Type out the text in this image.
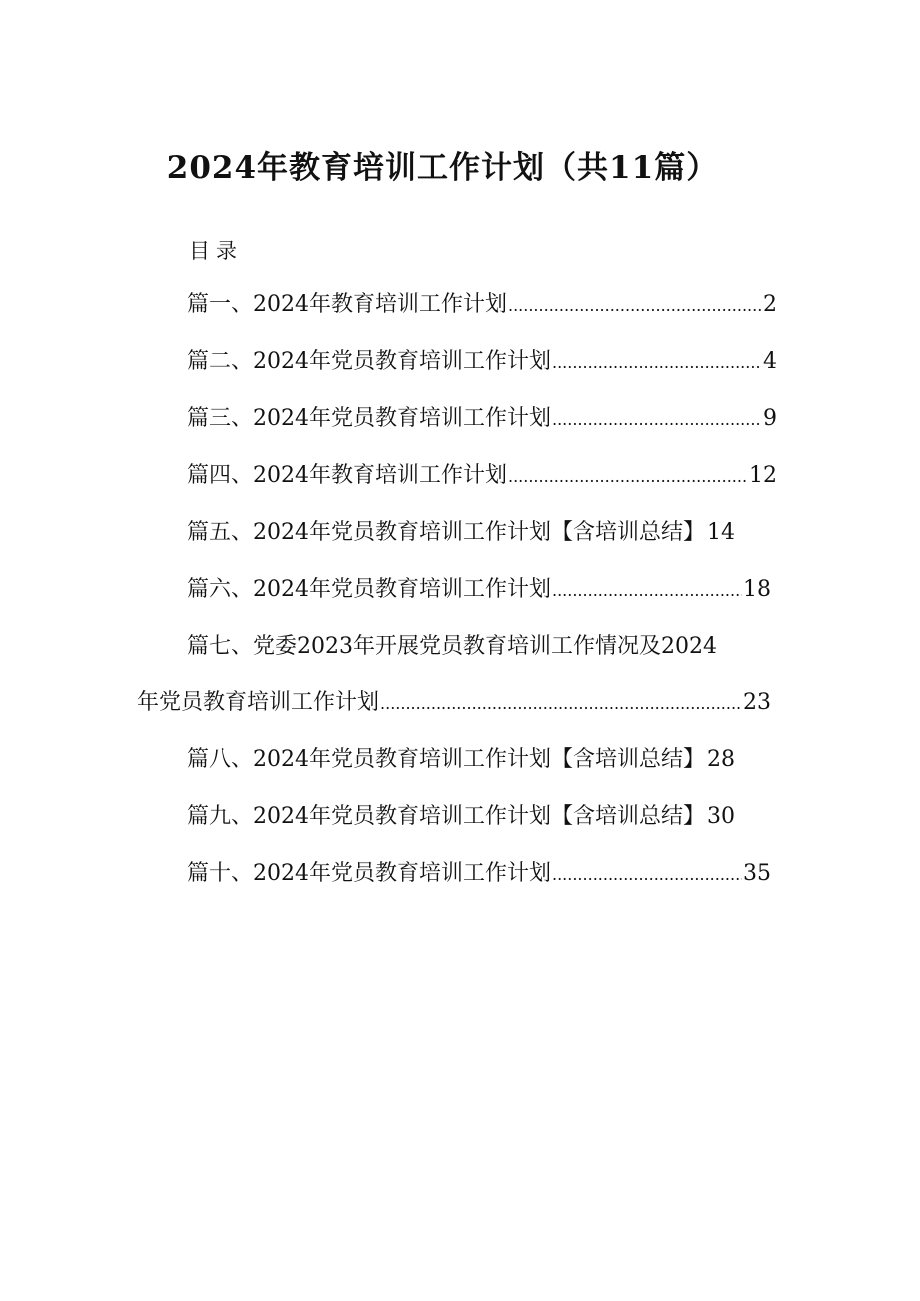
2024年教育培训工作计划（共11篇）
目录
篇一、2024年教育培训工作计划 .....	2
篇二、2024年党员教育培训工作计划 .....	4
篇三、2024年党员教育培训工作计划 .....	9
篇四、2024年教育培训工作计划 .....	12
篇五、2024年党员教育培训工作计划【含培训总结】 14
篇六、2024年党员教育培训工作计划 .....	18
篇七、党委2023年开展党员教育培训工作情况及2024
年党员教育培训工作计划 .....	23
篇八、2024年党员教育培训工作计划【含培训总结】 28
篇九、2024年党员教育培训工作计划【含培训总结】 30
篇十、2024年党员教育培训工作计划 .....	35
